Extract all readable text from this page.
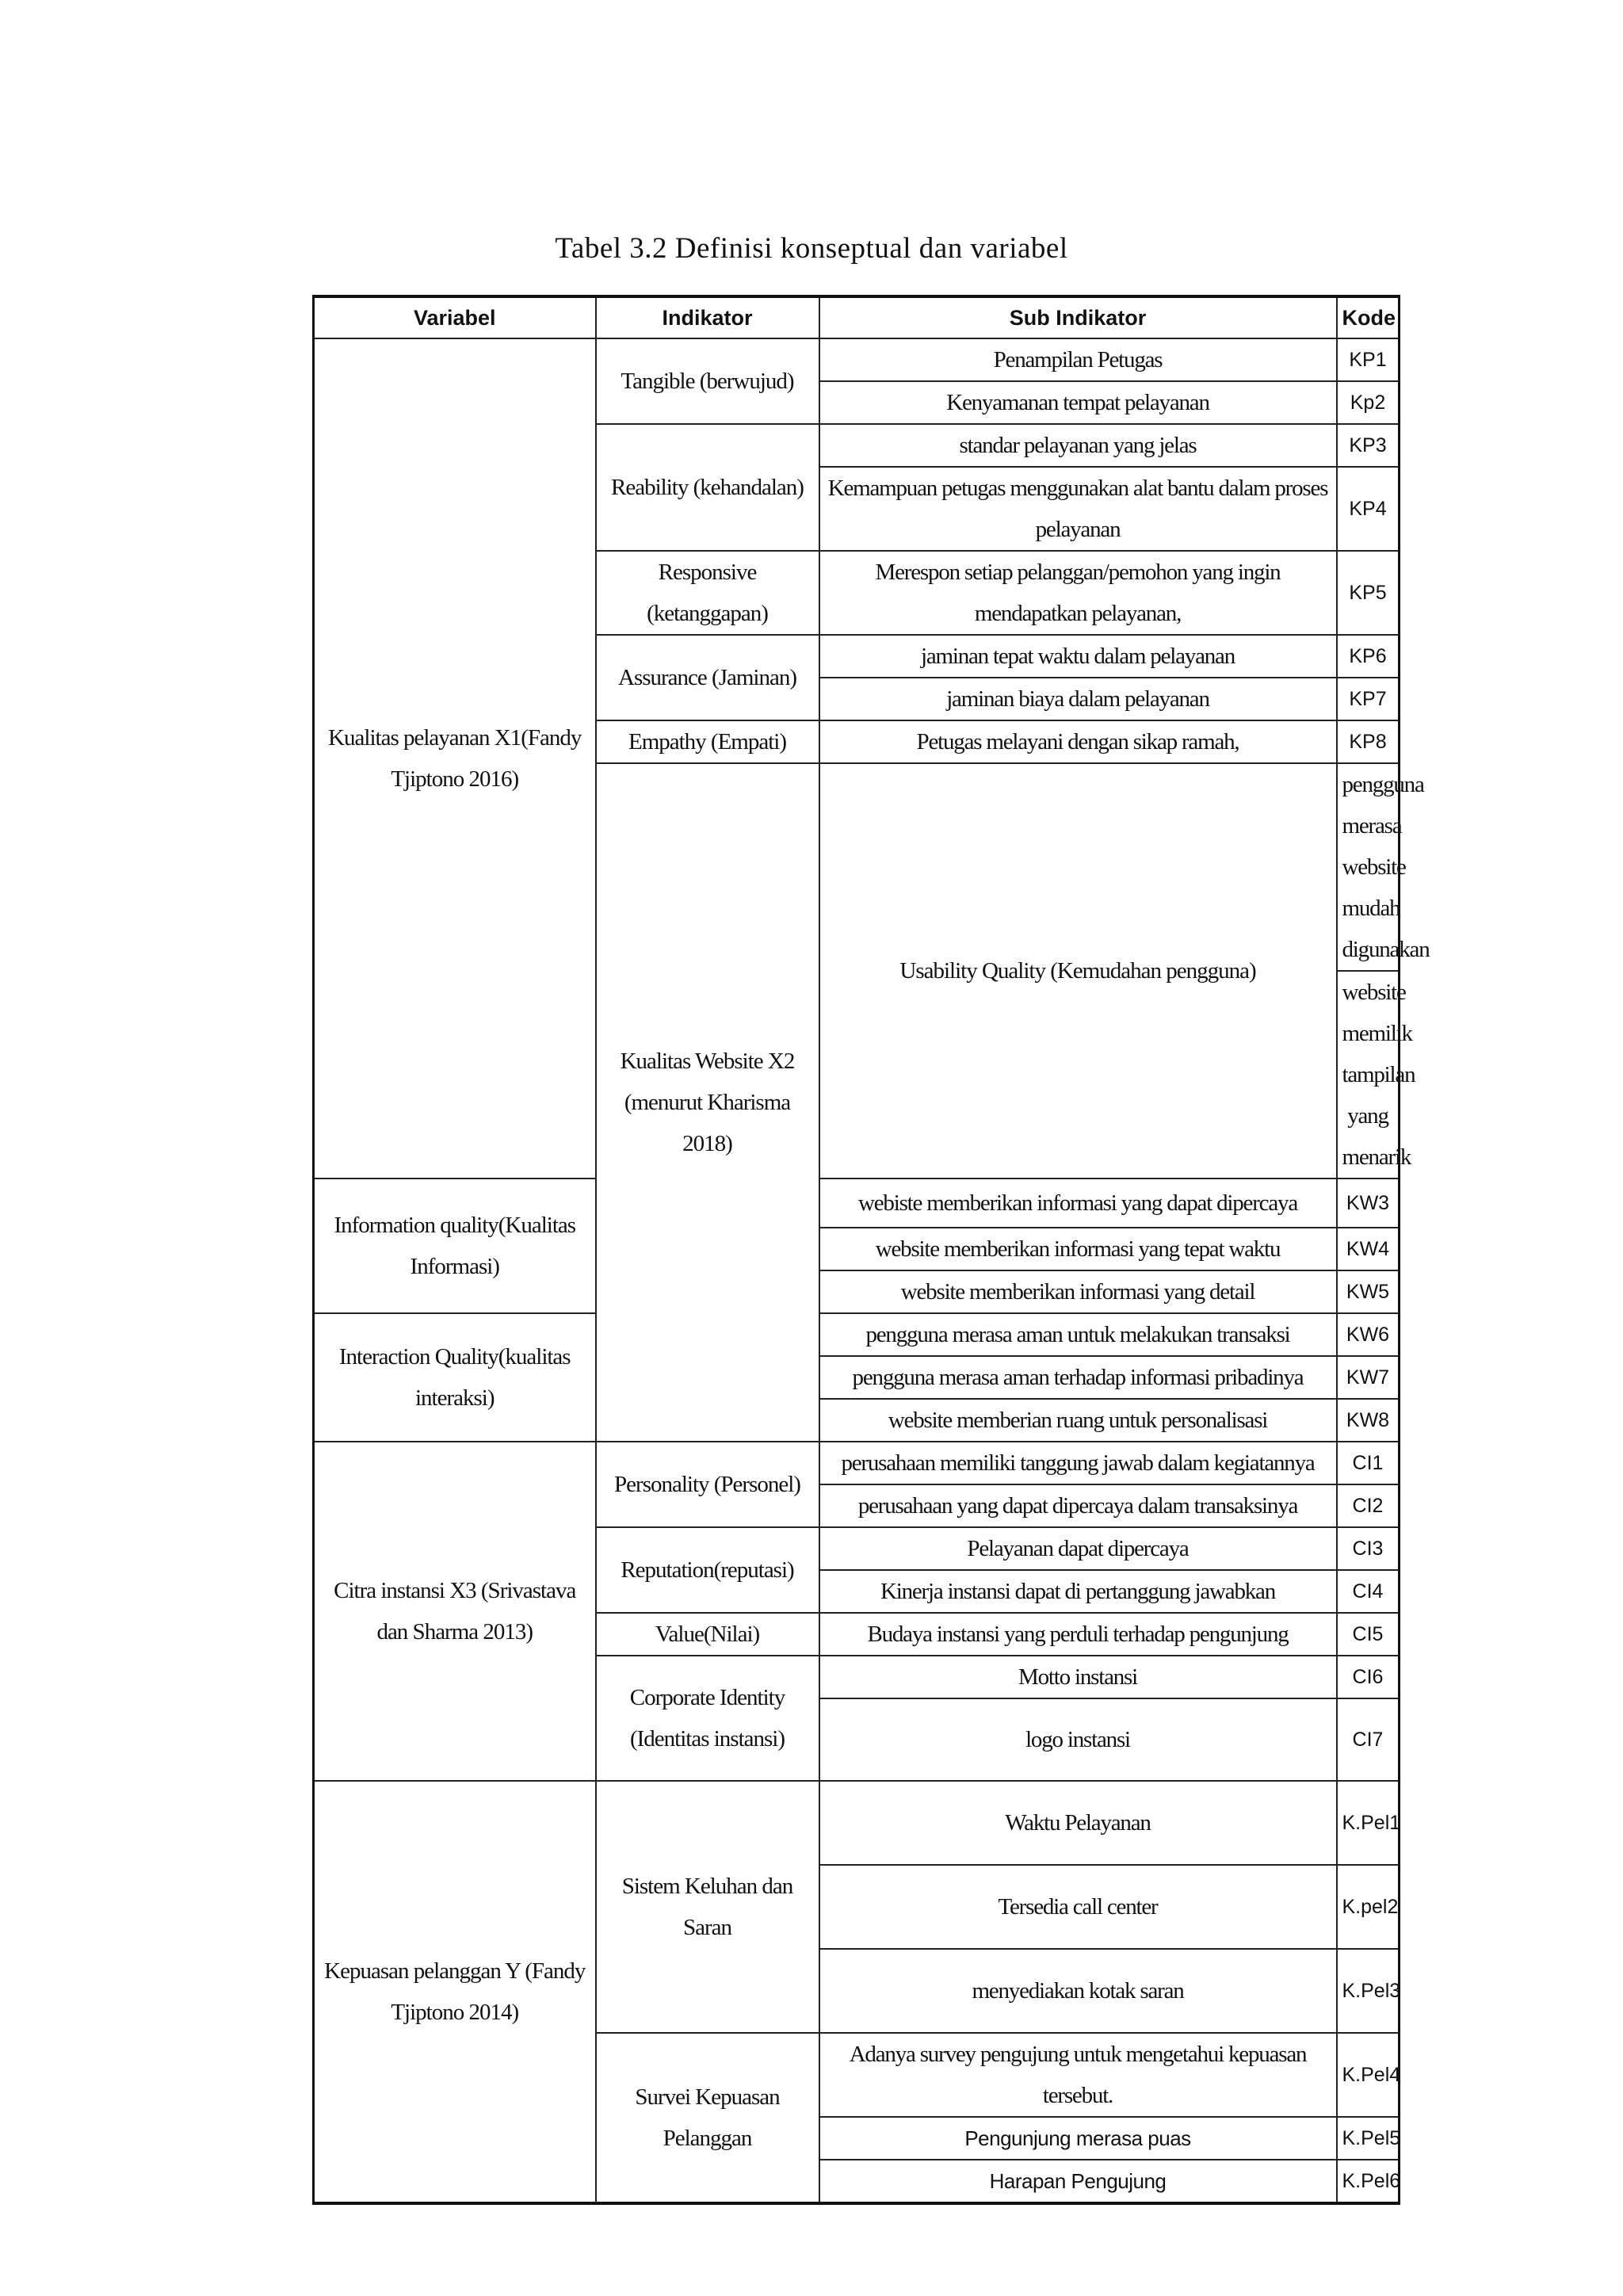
Tabel 3.2 Definisi konseptual dan variabel
Variabel	Indikator	Sub Indikator	Kode	
Kualitas pelayanan X1(Fandy Tjiptono 2016)	Tangible (berwujud)	Penampilan Petugas	KP1	
		Kenyamanan tempat pelayanan	Kp2	
	Reability (kehandalan)	standar pelayanan yang jelas	KP3	
		Kemampuan petugas menggunakan alat bantu dalam proses pelayanan	KP4	
	Responsive (ketanggapan)	Merespon setiap pelanggan/pemohon yang ingin mendapatkan pelayanan,	KP5	
	Assurance (Jaminan)	jaminan tepat waktu dalam pelayanan	KP6	
		jaminan biaya dalam pelayanan	KP7	
	Empathy (Empati)	Petugas melayani dengan sikap ramah,	KP8	
	Kualitas Website X2 (menurut Kharisma 2018)	Usability Quality (Kemudahan pengguna)	pengguna merasa website mudah digunakan	
			website memilik tampilan yang menarik	
Information quality(Kualitas Informasi)		webiste memberikan informasi yang dapat dipercaya	KW3	
		website memberikan informasi yang tepat waktu	KW4	
		website memberikan informasi yang detail	KW5	
Interaction Quality(kualitas interaksi)		pengguna merasa aman untuk melakukan transaksi	KW6	
		pengguna merasa aman terhadap informasi pribadinya	KW7	
		website memberian ruang untuk personalisasi	KW8	
Citra instansi X3 (Srivastava dan Sharma 2013)	Personality (Personel)	perusahaan memiliki tanggung jawab dalam kegiatannya	CI1	
		perusahaan yang dapat dipercaya dalam transaksinya	CI2	
	Reputation(reputasi)	Pelayanan dapat dipercaya	CI3	
		Kinerja instansi dapat di pertanggung jawabkan	CI4	
	Value(Nilai)	Budaya instansi yang perduli terhadap pengunjung	CI5	
	Corporate Identity (Identitas instansi)	Motto instansi	CI6	
		logo instansi	CI7	
Kepuasan pelanggan Y (Fandy Tjiptono 2014)	Sistem Keluhan dan Saran	Waktu Pelayanan	K.Pel1	
		Tersedia call center	K.pel2	
		menyediakan kotak saran	K.Pel3	
	Survei Kepuasan Pelanggan	Adanya survey pengujung untuk mengetahui kepuasan tersebut.	K.Pel4	
		Pengunjung merasa puas	K.Pel5	
		Harapan Pengujung	K.Pel6	
